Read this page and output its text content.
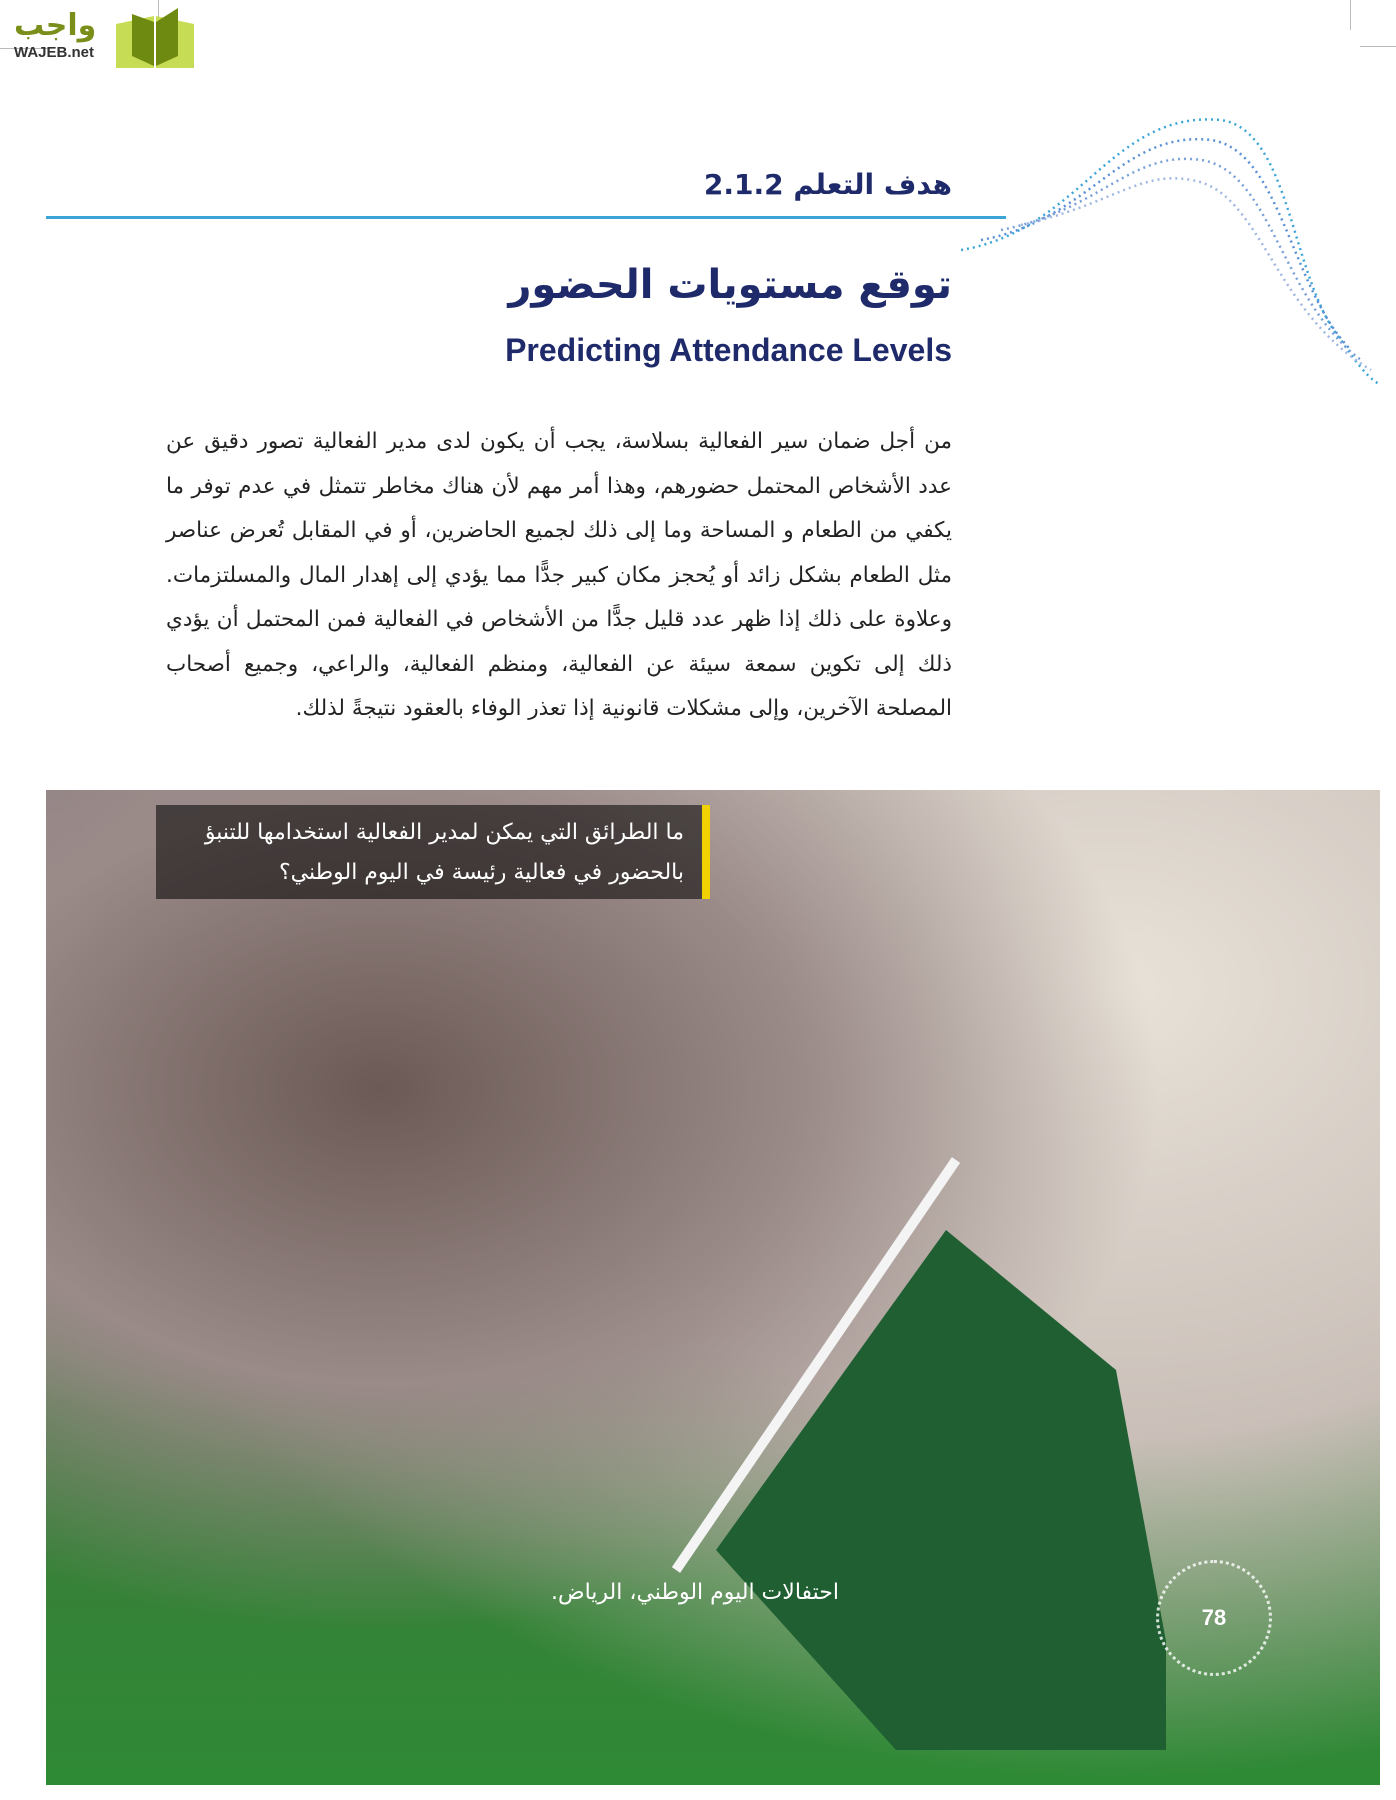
واجب
WAJEB.net
هدف التعلم 2.1.2
توقع مستويات الحضور
Predicting Attendance Levels
من أجل ضمان سير الفعالية بسلاسة، يجب أن يكون لدى مدير الفعالية تصور دقيق عن عدد الأشخاص المحتمل حضورهم، وهذا أمر مهم لأن هناك مخاطر تتمثل في عدم توفر ما يكفي من الطعام و المساحة وما إلى ذلك لجميع الحاضرين، أو في المقابل تُعرض عناصر مثل الطعام بشكل زائد أو يُحجز مكان كبير جدًّا مما يؤدي إلى إهدار المال والمسلتزمات. وعلاوة على ذلك إذا ظهر عدد قليل جدًّا من الأشخاص في الفعالية فمن المحتمل أن يؤدي ذلك إلى تكوين سمعة سيئة عن الفعالية، ومنظم الفعالية، والراعي، وجميع أصحاب المصلحة الآخرين، وإلى مشكلات قانونية إذا تعذر الوفاء بالعقود نتيجةً لذلك.
ما الطرائق التي يمكن لمدير الفعالية استخدامها للتنبؤ بالحضور في فعالية رئيسة في اليوم الوطني؟
احتفالات اليوم الوطني، الرياض.
78
